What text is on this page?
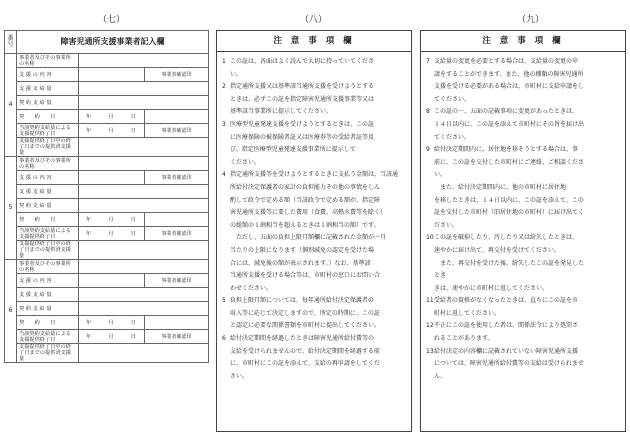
（七）	（八）	（九）
番号	障害児通所支援事業者記入欄		
4	事業者及びその事業所の名称		
	支 援 の 内 容		事業者確認印
	支 援 支 給 量		
	契 約 支 給 量		
	契　　約　　日	年　月　日	
	当該契約支給量による支援提供終了日	年　月　日	事業者確認印
	支援提供終了日中の終了日までの提供済支援量		
5	事業者及びその事業所の名称		
	支 援 の 内 容		事業者確認印
	支 援 支 給 量		
	契 約 支 給 量		
	契　　約　　日	年　月　日	
	当該契約支給量による支援提供終了日	年　月　日	事業者確認印
	支援提供終了日中の終了日までの提供済支援量		
6	事業者及びその事業所の名称		
	支 援 の 内 容		事業者確認印
	支 援 支 給 量		
	契 約 支 給 量		
	契　　約　　日	年　月　日	
	当該契約支給量による支援提供終了日	年　月　日	事業者確認印
	支援提供終了日中の終了日までの提供済支援量		
注 意 事 項 欄

1 この証は、各面はよく読んで大切に持っていてくださ

い。

2 指定通所支援又は基準該当通所支援を受けようとする

ときは、必ずこの証を指定障害児通所支援事業等又は

基準該当事業所に提示してください。

3 医療型児童発達支援を受けようとするときは、この証

に医療保険の被保険者証又は医療券等の受給者証等及

び、指定医療型児童発達支援事業所に提示して

ください。

4 指定通所支援等を受けようとするときに支払う金額は、当該通

所給付決定保護者の家計の負担能力その他の事情をしん

酌して政令で定める額（当該政令で定める額が、指定障

害児通所支援等に要した費用（食費、高熱水費等を除く）

の総額の１割相当を超えるときは１割相当の額）です。

　ただし、五面の負担上限月額欄に記載された金額が一月

当たりの上限になります（個別減免の認定を受けた場

合には、減免後の額が表示されます。）なお、基準該

当通所支援を受ける場合等は、市町村の窓口にお問い合

わせください。

5 負担上限月額については、毎年通所給付決定保護者の

収入等に応じて決定しますので、所定の時期に、この証

と認定に必要な関係書類を市町村に提出してください。

6 給付決定期間を経過したときは障害児通所給付費等の

支給を受けられませんので、給付決定期間を経過する前

に、市町村にこの証を添えて、支給の再申請をしてくだ

さい。

注 意 事 項 欄

7 支給量の変更を必要とする場合は、支給量の変更の申

請をすることができます。また、他の種類の障害児通所

支援を受ける必要がある場合は、市町村に支給申請をし

てください。

8 この証の一、五面の記載事項に変更があったときは、

１４日以内に、この証を添えて市町村にその旨を届け出

てください。

9 給付決定期間内に、居住地を移そうとする場合は、事

前に、この証を交付した市町村にご連絡、ご相談くださ

い。

　また、給付決定期間内に、他の市町村に居住地

を移したときは、１４日以内に、この証を添えて、この

証を交付した市町村（旧居住地の市町村）に届け出てく

ださい。

10この証を破損したり、汚したり又は紛失したときは、

速やかに届け出て、再交付を受けてください。

　また、再交付を受けた後、紛失したこの証を発見した

とき

きは、速やかに市町村に返してください。

11受給者の資格がなくなったときは、直ちにこの証を市

町村に返してください。

12不正にこの証を使用した者は、関係法令により処罰さ

れることがあります。

13給付決定の内容欄に記載されていない障害児通所支援

については、障害児通所給付費等の支給は受けられませ

ん。
